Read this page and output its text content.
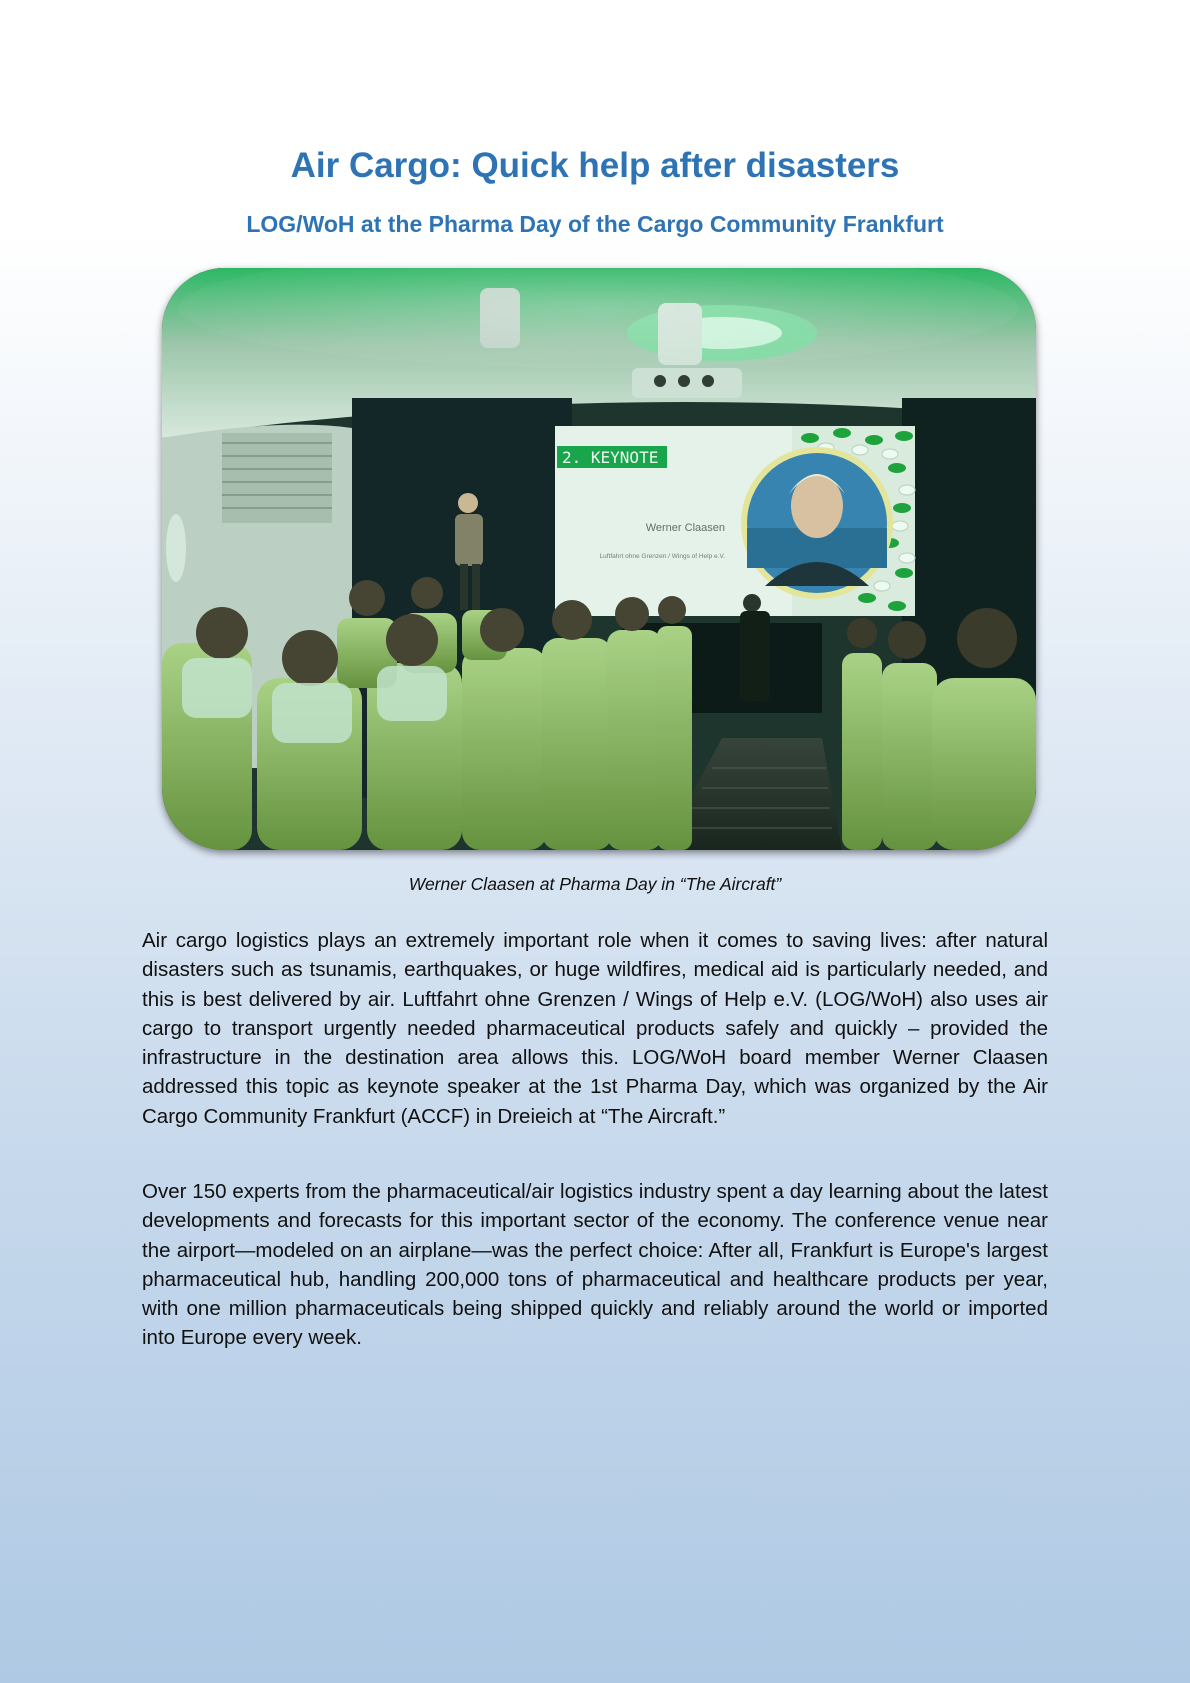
Air Cargo: Quick help after disasters
LOG/WoH at the Pharma Day of the Cargo Community Frankfurt
2. KEYNOTE
Werner Claasen
Luftfahrt ohne Grenzen / Wings of Help e.V.

Werner Claasen at Pharma Day in “The Aircraft”

Air cargo logistics plays an extremely important role when it comes to saving lives: after natural disasters such as tsunamis, earthquakes, or huge wildfires, medical aid is particularly needed, and this is best delivered by air. Luftfahrt ohne Grenzen / Wings of Help e.V. (LOG/WoH) also uses air cargo to transport urgently needed pharmaceutical products safely and quickly – provided the infrastructure in the destination area allows this. LOG/WoH board member Werner Claasen addressed this topic as keynote speaker at the 1st Pharma Day, which was organized by the Air Cargo Community Frankfurt (ACCF) in Dreieich at “The Aircraft.”

Over 150 experts from the pharmaceutical/air logistics industry spent a day learning about the latest developments and forecasts for this important sector of the economy. The conference venue near the airport—modeled on an airplane—was the perfect choice: After all, Frankfurt is Europe's largest pharmaceutical hub, handling 200,000 tons of pharmaceutical and healthcare products per year, with one million pharmaceuticals being shipped quickly and reliably around the world or imported into Europe every week.
